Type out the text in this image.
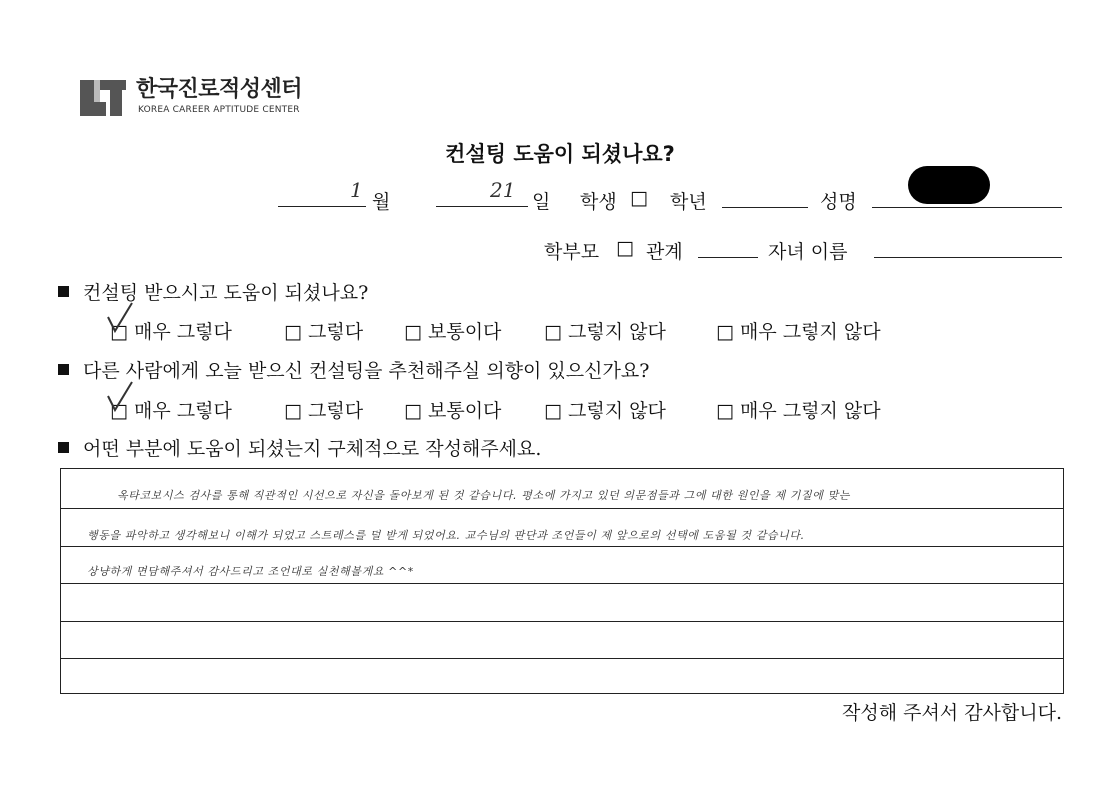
한국진로적성센터
KOREA CAREER APTITUDE CENTER
컨설팅 도움이 되셨나요?
1 월	21 일 학생 □ 학년	성명
학부모 □ 관계	자녀 이름
컨설팅 받으시고 도움이 되셨나요?
□ 매우 그렇다	□ 그렇다 □ 보통이다 □ 그렇지 않다	□ 매우 그렇지 않다
다른 사람에게 오늘 받으신 컨설팅을 추천해주실 의향이 있으신가요?
□ 매우 그렇다	□ 그렇다 □ 보통이다 □ 그렇지 않다	□ 매우 그렇지 않다
어떤 부분에 도움이 되셨는지 구체적으로 작성해주세요.
옥타코보시스 검사를 통해 직관적인 시선으로 자신을 돌아보게 된 것 같습니다. 평소에 가지고 있던 의문점들과 그에 대한 원인을 제 기질에 맞는
행동을 파악하고 생각해보니 이해가 되었고 스트레스를 덜 받게 되었어요. 교수님의 판단과 조언들이 제 앞으로의 선택에 도움될 것 같습니다.
상냥하게 면담해주셔서 감사드리고 조언대로 실천해볼게요 ^^*
작성해 주셔서 감사합니다.
